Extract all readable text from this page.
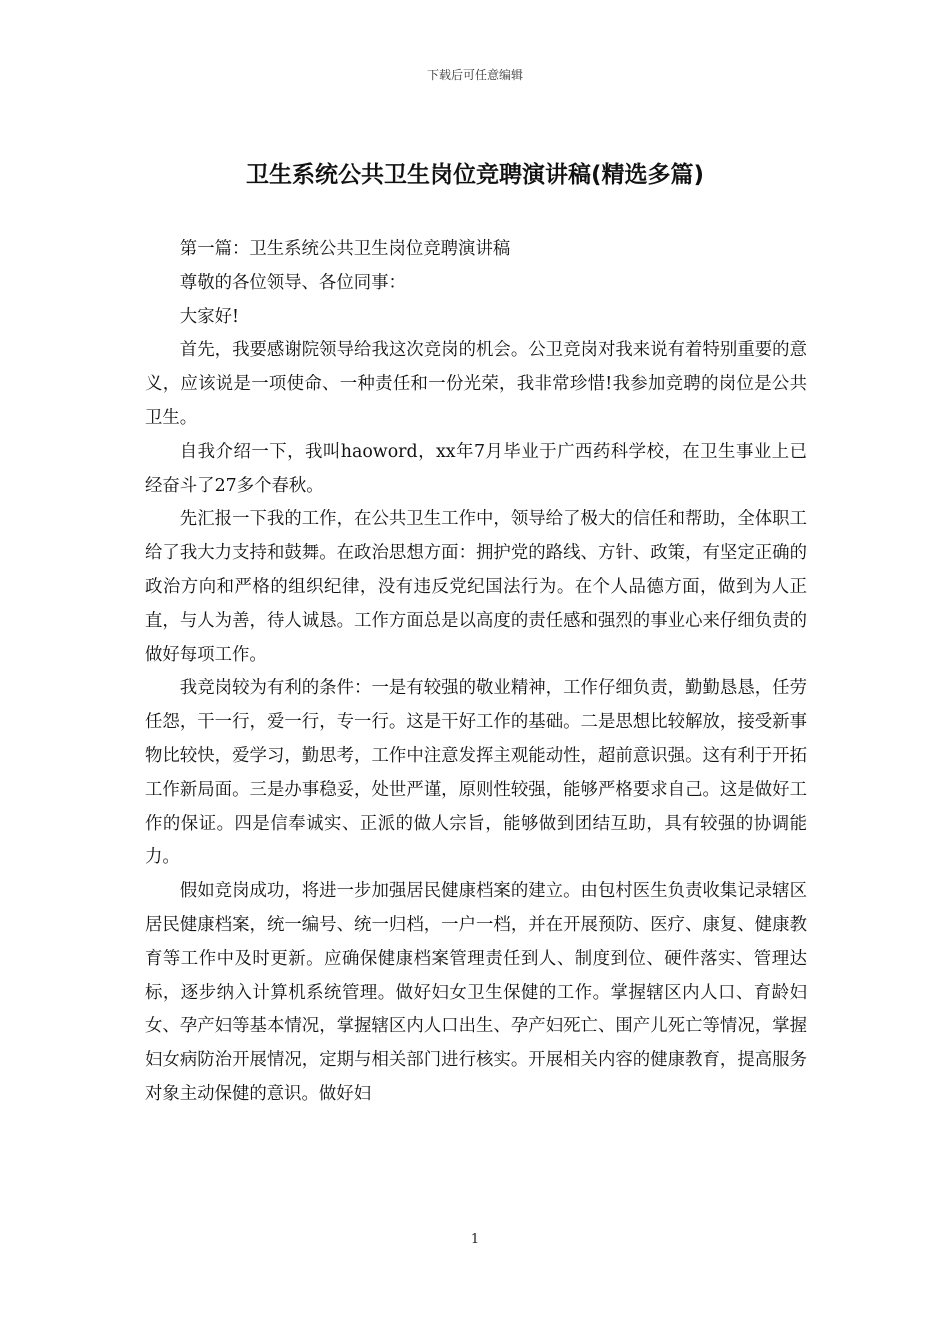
下载后可任意编辑
卫生系统公共卫生岗位竞聘演讲稿(精选多篇)

第一篇：卫生系统公共卫生岗位竞聘演讲稿

尊敬的各位领导、各位同事：

大家好!

首先，我要感谢院领导给我这次竞岗的机会。公卫竞岗对我来说有着特别重要的意义，应该说是一项使命、一种责任和一份光荣，我非常珍惜!我参加竞聘的岗位是公共卫生。

自我介绍一下，我叫haoword，xx年7月毕业于广西药科学校，在卫生事业上已经奋斗了27多个春秋。

先汇报一下我的工作，在公共卫生工作中，领导给了极大的信任和帮助，全体职工给了我大力支持和鼓舞。在政治思想方面：拥护党的路线、方针、政策，有坚定正确的政治方向和严格的组织纪律，没有违反党纪国法行为。在个人品德方面，做到为人正直，与人为善，待人诚恳。工作方面总是以高度的责任感和强烈的事业心来仔细负责的做好每项工作。

我竞岗较为有利的条件：一是有较强的敬业精神，工作仔细负责，勤勤恳恳，任劳任怨，干一行，爱一行，专一行。这是干好工作的基础。二是思想比较解放，接受新事物比较快，爱学习，勤思考，工作中注意发挥主观能动性，超前意识强。这有利于开拓工作新局面。三是办事稳妥，处世严谨，原则性较强，能够严格要求自己。这是做好工作的保证。四是信奉诚实、正派的做人宗旨，能够做到团结互助，具有较强的协调能力。

假如竞岗成功，将进一步加强居民健康档案的建立。由包村医生负责收集记录辖区居民健康档案，统一编号、统一归档，一户一档，并在开展预防、医疗、康复、健康教育等工作中及时更新。应确保健康档案管理责任到人、制度到位、硬件落实、管理达标，逐步纳入计算机系统管理。做好妇女卫生保健的工作。掌握辖区内人口、育龄妇女、孕产妇等基本情况，掌握辖区内人口出生、孕产妇死亡、围产儿死亡等情况，掌握妇女病防治开展情况，定期与相关部门进行核实。开展相关内容的健康教育，提高服务对象主动保健的意识。做好妇

1
